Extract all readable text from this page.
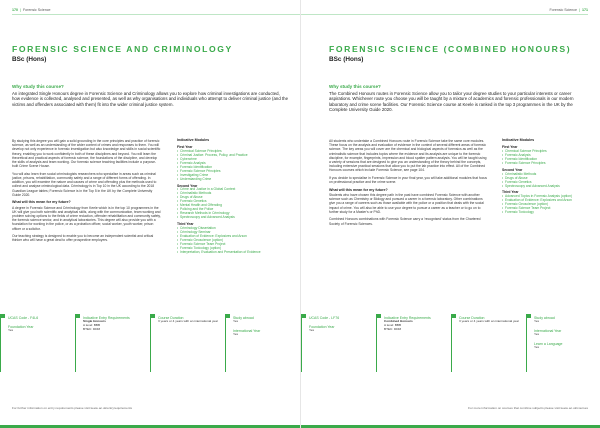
170 | Forensic Science
FORENSIC SCIENCE AND CRIMINOLOGY
BSc (Hons)
Why study this course?
An integrated Single Honours degree in Forensic Science and Criminology allows you to explore how criminal investigations are conducted, how evidence is collected, analysed and presented, as well as why organisations and individuals who attempt to deliver criminal justice (and the victims and offenders associated with them) fit into the wider criminal justice system.

By studying this degree you will gain a solid grounding in the core principles and practice of forensic science, as well as an understanding of the wider context of crimes and responses to them. You will develop not only experience in forensic investigation but also knowledge and skills in social scientific theory, enabling you to work confidently in both of these disciplines and beyond. You will learn the theoretical and practical aspects of forensic science, the foundations of the discipline, and develop the skills of analysis and team working. Our forensic science teaching facilities include a purpose-built Crime Scene House.

You will also learn from social criminologists researchers who specialise in areas such as criminal justice, prisons, rehabilitation, community safety and a range of different forms of offending. In addition, you will examine the nature and causes of crime and offending plus the methods used to collect and analyse criminological data. Criminology is in Top 10 in the UK according to the 2018 Guardian League tables; Forensic Science is in the Top 5 in the UK by the Complete University Guide 2020.

What will this mean for my future?

A degree in Forensic Science and Criminology from Keele which is in the top 10 programmes in the UK will give you both scientific and analytical skills, along with the communication, team working and problem solving options to the fields of crime reduction, offender rehabilitation and community safety, the forensic science sector, and in analytical laboratories. This degree will also provide you with a foundation for working in the police, or as a probation officer, social worker, youth worker, prison officer or a solicitor.

Our teaching strategy is designed to enable you to become an independent scientist and critical thinker who will have a great deal to offer prospective employers.

Indicative Modules
First Year
• Chemical Science Principles
• Criminal Justice: Process, Policy, and Practice
• Cybercrime
• Forensic Analysis
• Forensic Identification
• Forensic Science Principles
• Investigating Crime
• Understanding Crime
Second Year
• Crime and Justice in a Global Context
• Criminalistic Methods
• Drugs of Abuse
• Forensic Genetics
• Mental Health and Offending
• Policing and the Police
• Research Methods in Criminology
• Spectroscopy and Advanced Analysis
Third Year
• Criminology Dissertation
• Criminology Seminar
• Evaluation of Evidence: Explosives and Arson
• Forensic Geoscience (option)
• Forensic Science Team Project
• Forensic Toxicology (option)
• Interpretation, Evaluation and Presentation of Evidence
UCAS Code - F4L6
Foundation Year
Yes
Indicative Entry Requirements
Single Honours
A level: BBB
BTEC: DDM
Course Duration
3 years or 4 years with an international year
Study abroad
Yes
International Year
Yes
For further information on entry requirements please visit keele.ac.uk/entryrequirements
Forensic Science | 171
FORENSIC SCIENCE (COMBINED HONOURS)
BSc (Hons)
Why study this course?
The Combined Honours routes in Forensic Science allow you to tailor your degree studies to your particular interests or career aspirations. Whichever route you choose you will be taught by a mixture of academics and forensic professionals in our modern laboratory and crime scene facilities. Our Forensic Science course at Keele is ranked in the top 3 programmes in the UK by the Complete University Guide 2020.

All students who undertake a Combined Honours route in Forensic Science take the same core modules. These focus on the analysis and evaluation of evidence in the context of several different areas of forensic science. The key areas you will cover are the chemical and biological aspects of forensics as well as the criminalistic science that includes topics where the evidence and its analysis are unique to the forensic discipline, for example, fingerprints, impression and blood spatter pattern analysis. You will be taught using a variety of sessions that are designed to give you an understanding of the theory behind the concepts, including extensive practical sessions that allow you to put the lab practice into effect. All of the Combined Honours courses which include Forensic Science, see page 104.

If you decide to specialise in Forensic Science in your final year, you will take additional modules that focus on professional practice and the crime scene.

What will this mean for my future?

Students who have chosen this degree path in the past have combined Forensic Science with another science such as Chemistry or Biology and pursued a career in a forensic laboratory. Other combinations give you a range of careers such as those available with the police or a position that deals with the social impact of crime. You will also be able to use your degree to pursue a career as a teacher or to go on to further study for a Master's or PhD.

Combined Honours combinations with Forensic Science carry a 'recognised' status from the Chartered Society of Forensic Sciences.

Indicative Modules
First Year
• Chemical Science Principles
• Forensic Analysis
• Forensic Identification
• Forensic Science Principles
Second Year
• Criminalistic Methods
• Drugs of Abuse
• Forensic Genetics
• Spectroscopy and Advanced Analysis
Third Year
• Advanced Topics in Forensic Analysis (option)
• Evaluation of Evidence: Explosives and Arson
• Forensic Geoscience (option)
• Forensic Science Team Project
• Forensic Toxicology
UCAS Code - LF76
Foundation Year
Yes
Indicative Entry Requirements
Combined Honours
A level: BBB
BTEC: DDM
Course Duration
3 years or 4 years with an international year
Study abroad
Yes
International Year
Yes
Learn a Language
Yes
For more information on courses that combine subjects please visit keele.ac.uk/courses
